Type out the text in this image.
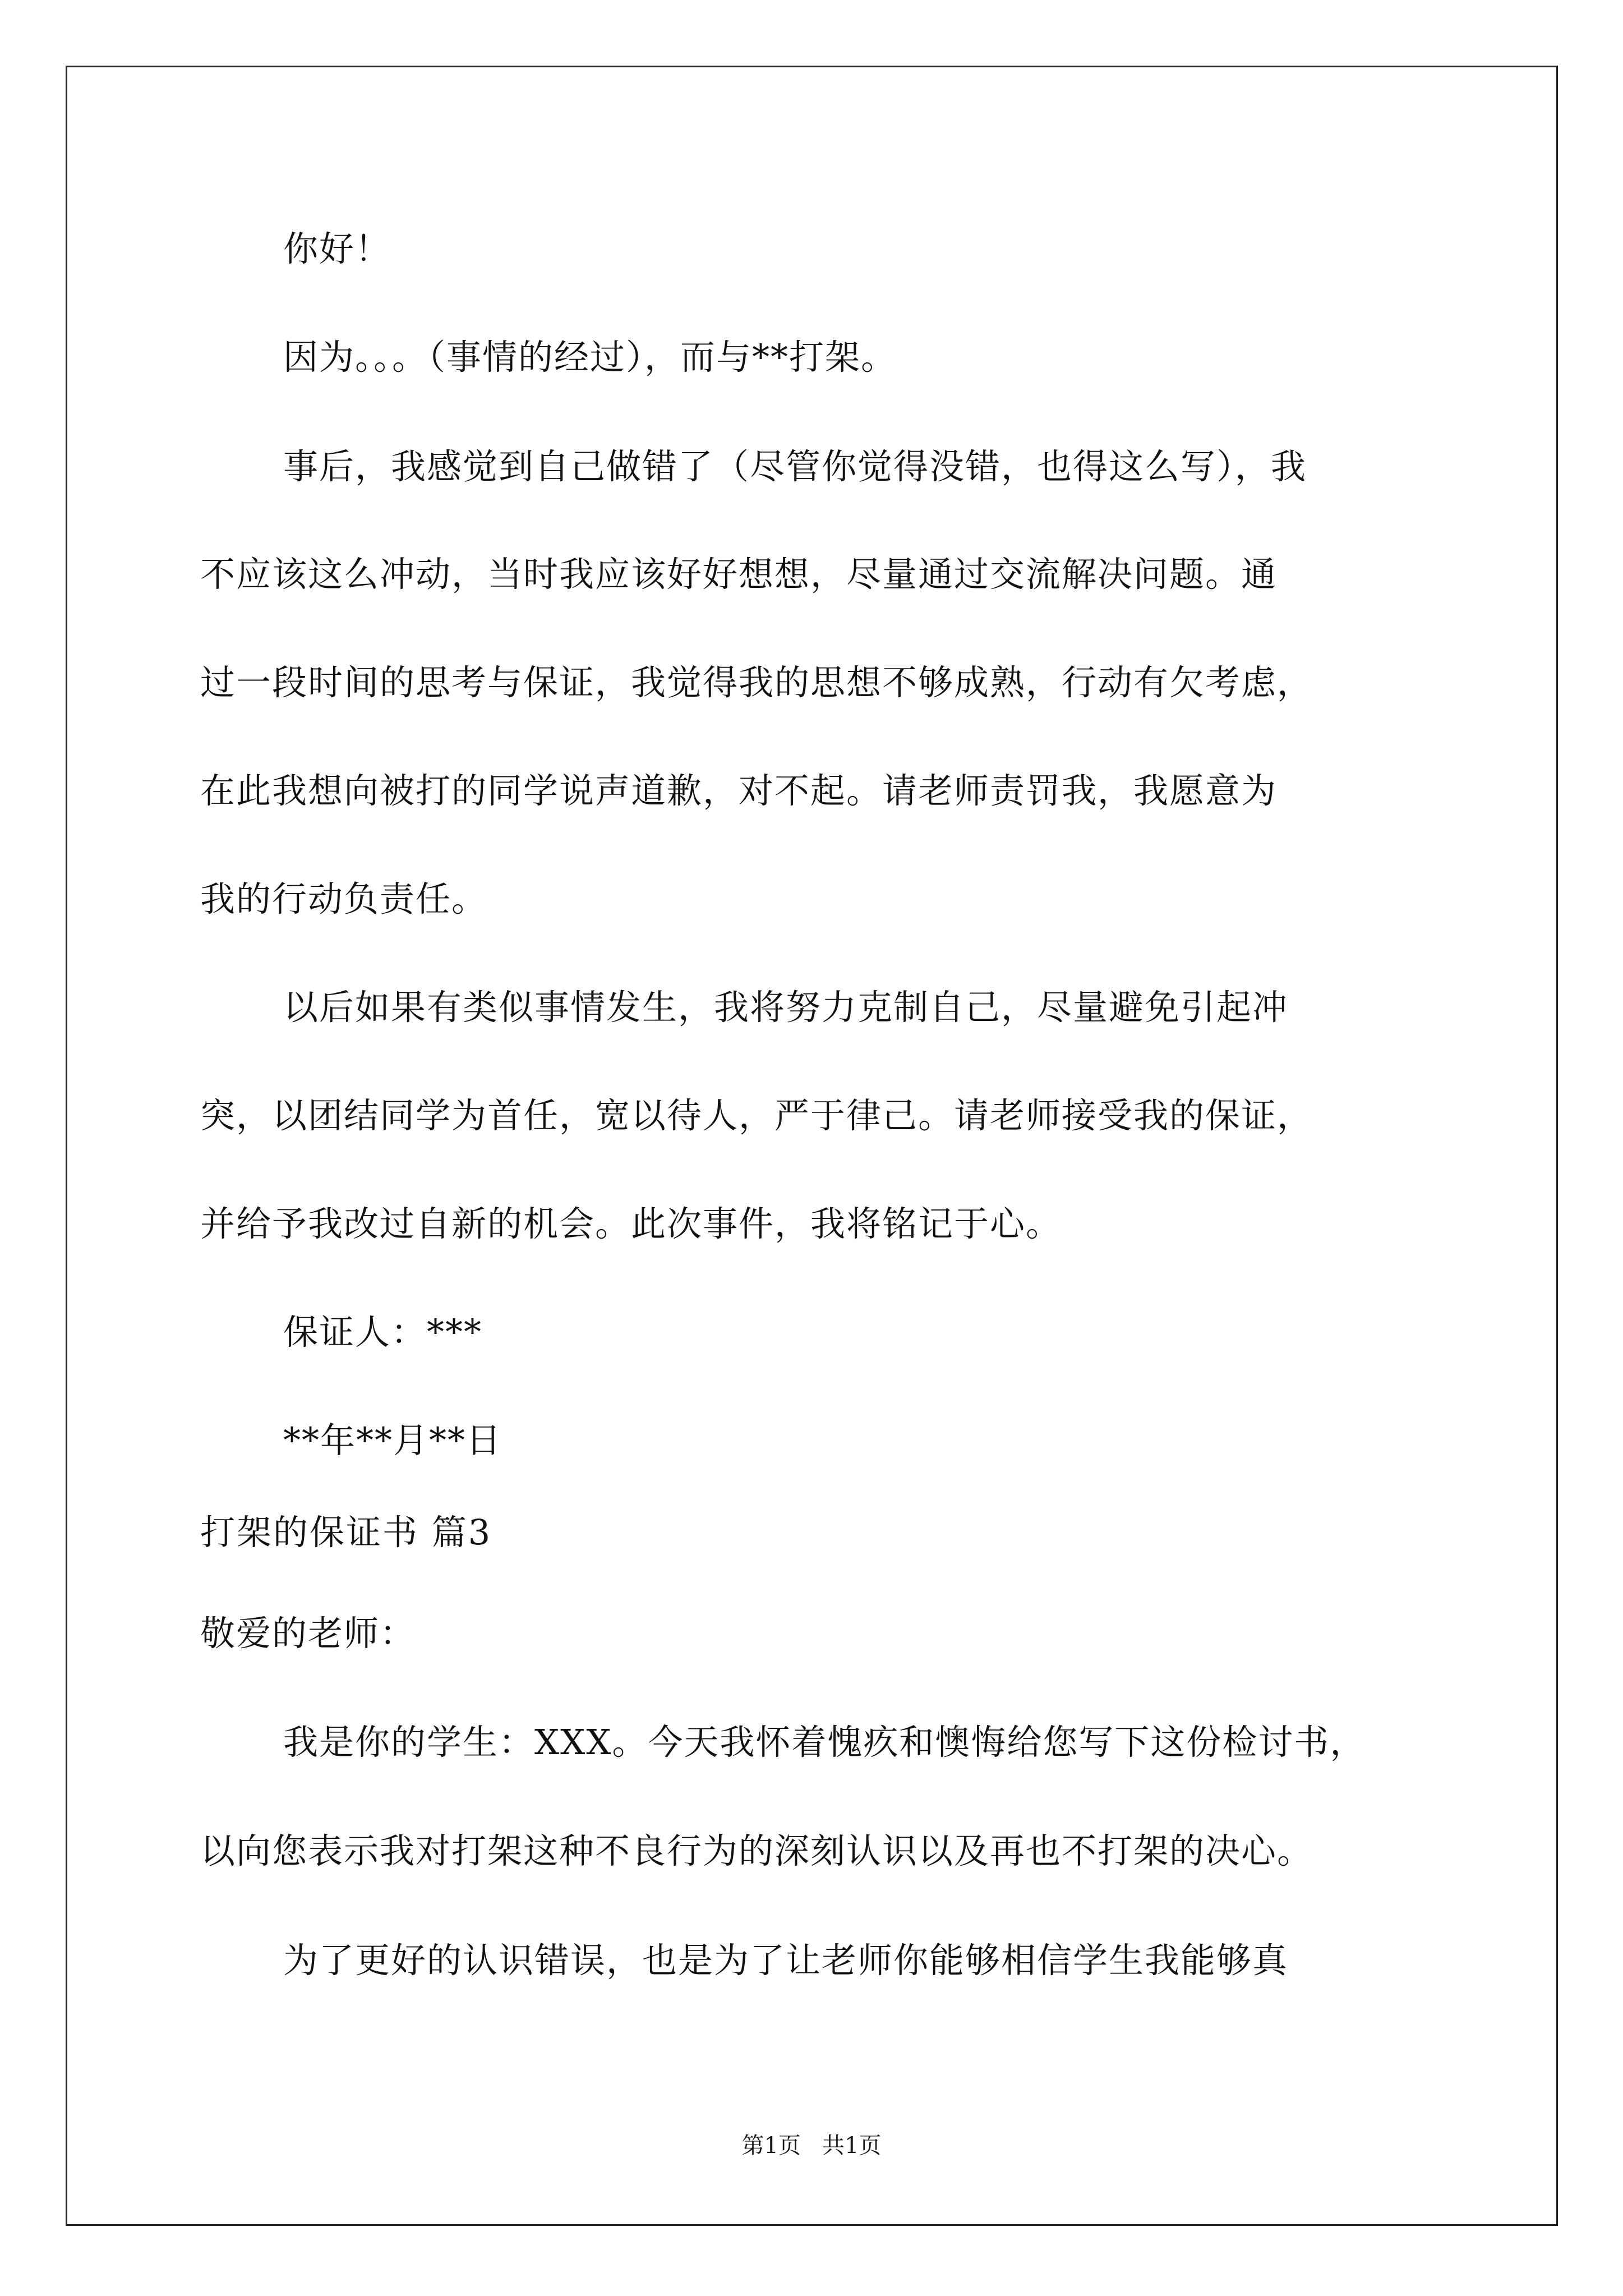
你好！
因为。。。（事情的经过），而与**打架。
事后，我感觉到自己做错了（尽管你觉得没错，也得这么写），我
不应该这么冲动，当时我应该好好想想，尽量通过交流解决问题。通
过一段时间的思考与保证，我觉得我的思想不够成熟，行动有欠考虑，
在此我想向被打的同学说声道歉，对不起。请老师责罚我，我愿意为
我的行动负责任。
以后如果有类似事情发生，我将努力克制自己，尽量避免引起冲
突，以团结同学为首任，宽以待人，严于律己。请老师接受我的保证，
并给予我改过自新的机会。此次事件，我将铭记于心。
保证人：***
**年**月**日
打架的保证书 篇3
敬爱的老师：
我是你的学生：XXX。今天我怀着愧疚和懊悔给您写下这份检讨书，
以向您表示我对打架这种不良行为的深刻认识以及再也不打架的决心。
为了更好的认识错误，也是为了让老师你能够相信学生我能够真
第1页   共1页
